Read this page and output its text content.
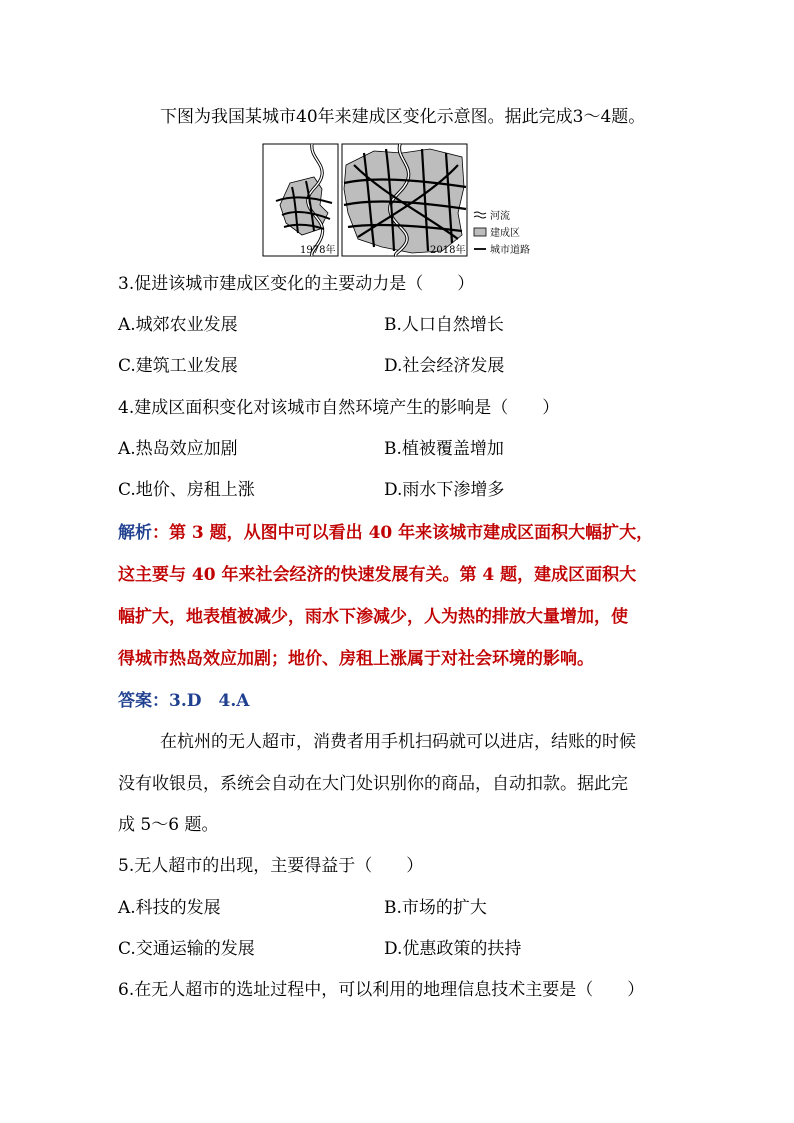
下图为我国某城市40年来建成区变化示意图。据此完成3～4题。
1978年	2018年
河流
建成区
城市道路
3.促进该城市建成区变化的主要动力是（　　）
A.城郊农业发展	B.人口自然增长
C.建筑工业发展	D.社会经济发展
4.建成区面积变化对该城市自然环境产生的影响是（　　）
A.热岛效应加剧	B.植被覆盖增加
C.地价、房租上涨	D.雨水下渗增多
解析：第 3 题，从图中可以看出 40 年来该城市建成区面积大幅扩大，
这主要与 40 年来社会经济的快速发展有关。第 4 题，建成区面积大
幅扩大，地表植被减少，雨水下渗减少，人为热的排放大量增加，使
得城市热岛效应加剧；地价、房租上涨属于对社会环境的影响。
答案：3.D　4.A
在杭州的无人超市，消费者用手机扫码就可以进店，结账的时候
没有收银员，系统会自动在大门处识别你的商品，自动扣款。据此完
成 5～6 题。
5.无人超市的出现，主要得益于（　　）
A.科技的发展	B.市场的扩大
C.交通运输的发展	D.优惠政策的扶持
6.在无人超市的选址过程中，可以利用的地理信息技术主要是（　　）
